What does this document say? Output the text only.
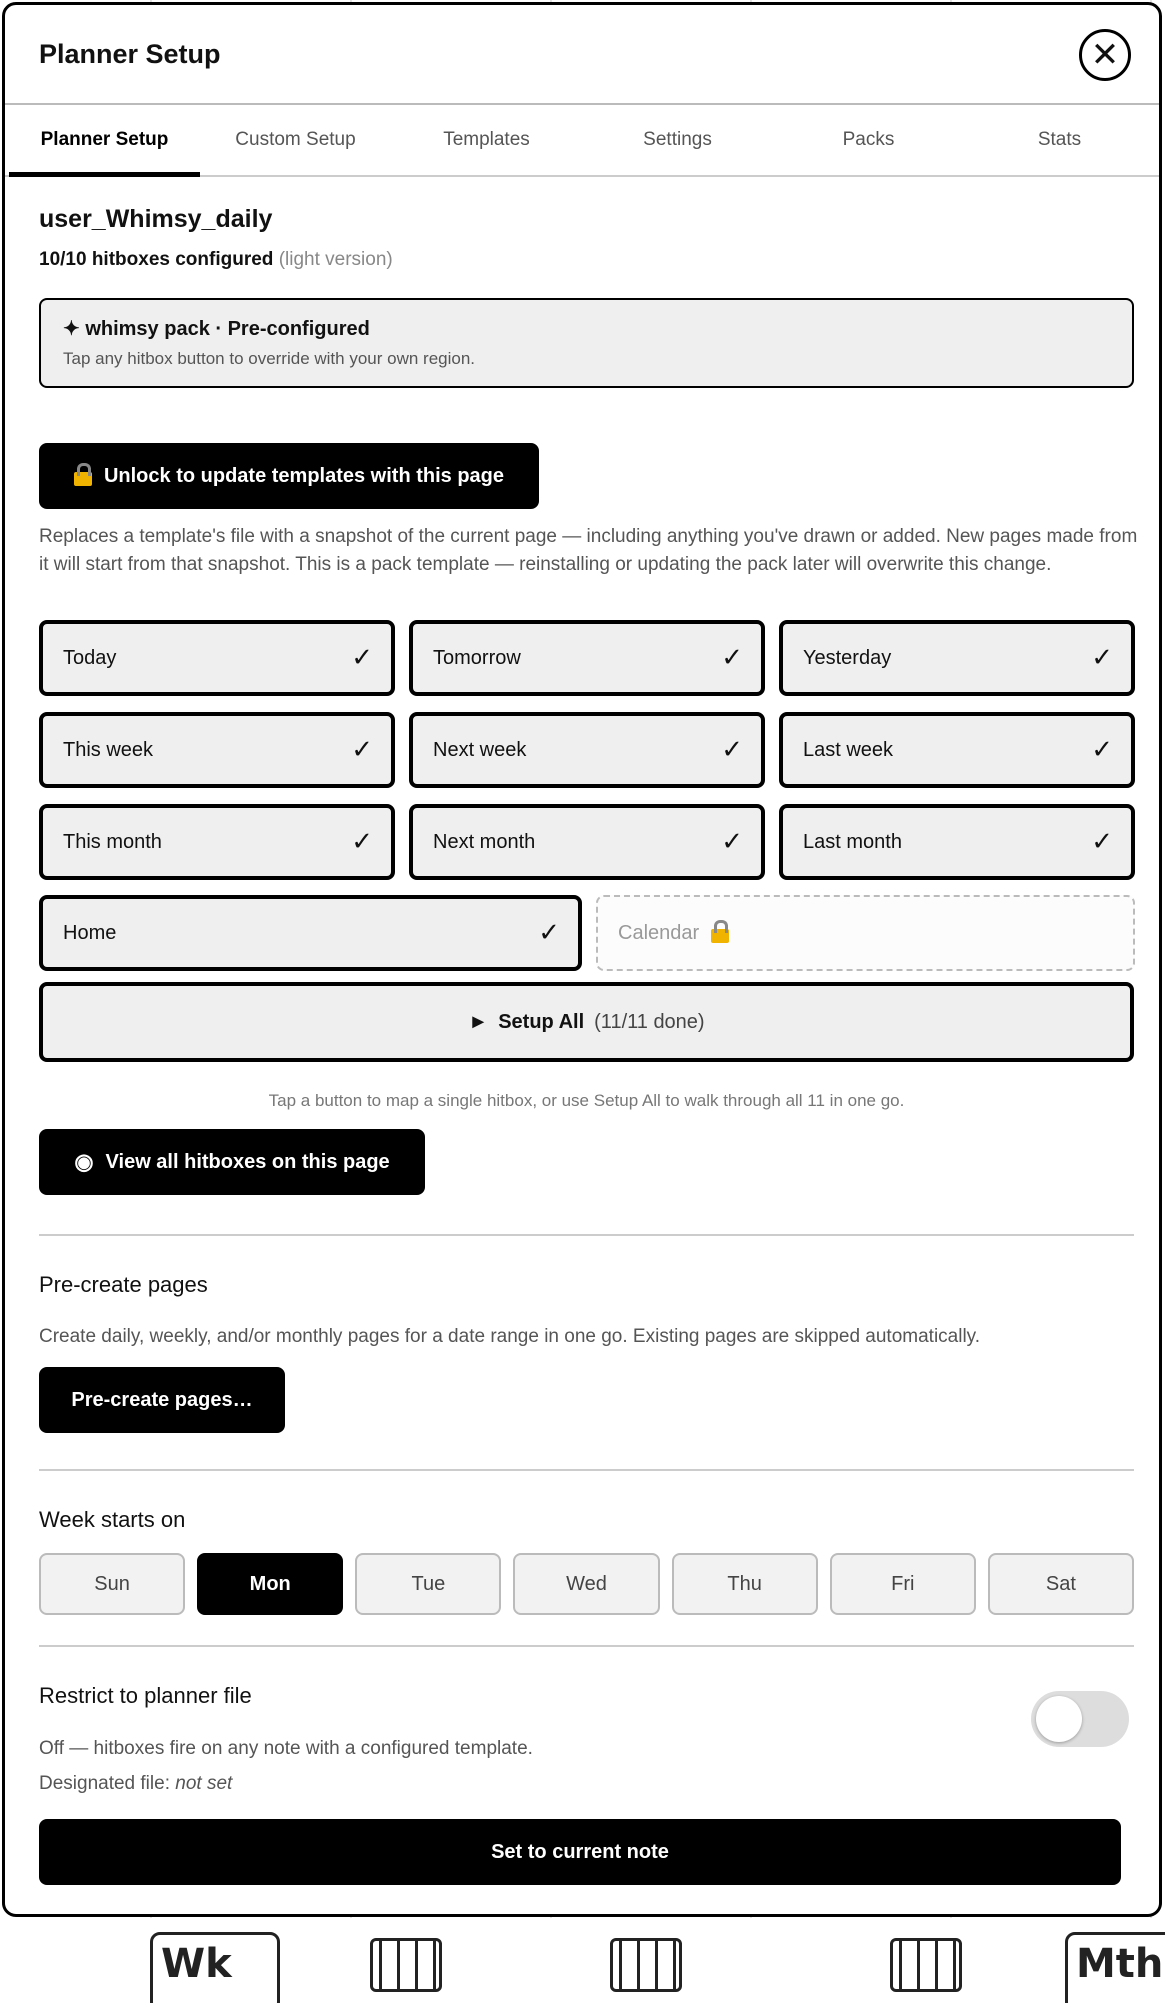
Wk	Mth
Planner Setup	✕
Planner Setup	Custom Setup	Templates	Settings	Packs	Stats
user_Whimsy_daily
10/10 hitboxes configured (light version)
✦ whimsy pack · Pre-configured
Tap any hitbox button to override with your own region.
Unlock to update templates with this page
Replaces a template's file with a snapshot of the current page — including anything you've drawn or added. New pages made from it will start from that snapshot. This is a pack template — reinstalling or updating the pack later will overwrite this change.
Today	✓	Tomorrow	✓	Yesterday	✓
This week	✓	Next week	✓	Last week	✓
This month	✓	Next month	✓	Last month	✓
Home	✓	Calendar
► Setup All (11/11 done)
Tap a button to map a single hitbox, or use Setup All to walk through all 11 in one go.
◉ View all hitboxes on this page
Pre-create pages
Create daily, weekly, and/or monthly pages for a date range in one go. Existing pages are skipped automatically.
Pre-create pages…
Week starts on
Sun	Mon	Tue	Wed	Thu	Fri	Sat
Restrict to planner file
Off — hitboxes fire on any note with a configured template.
Designated file: not set
Set to current note
